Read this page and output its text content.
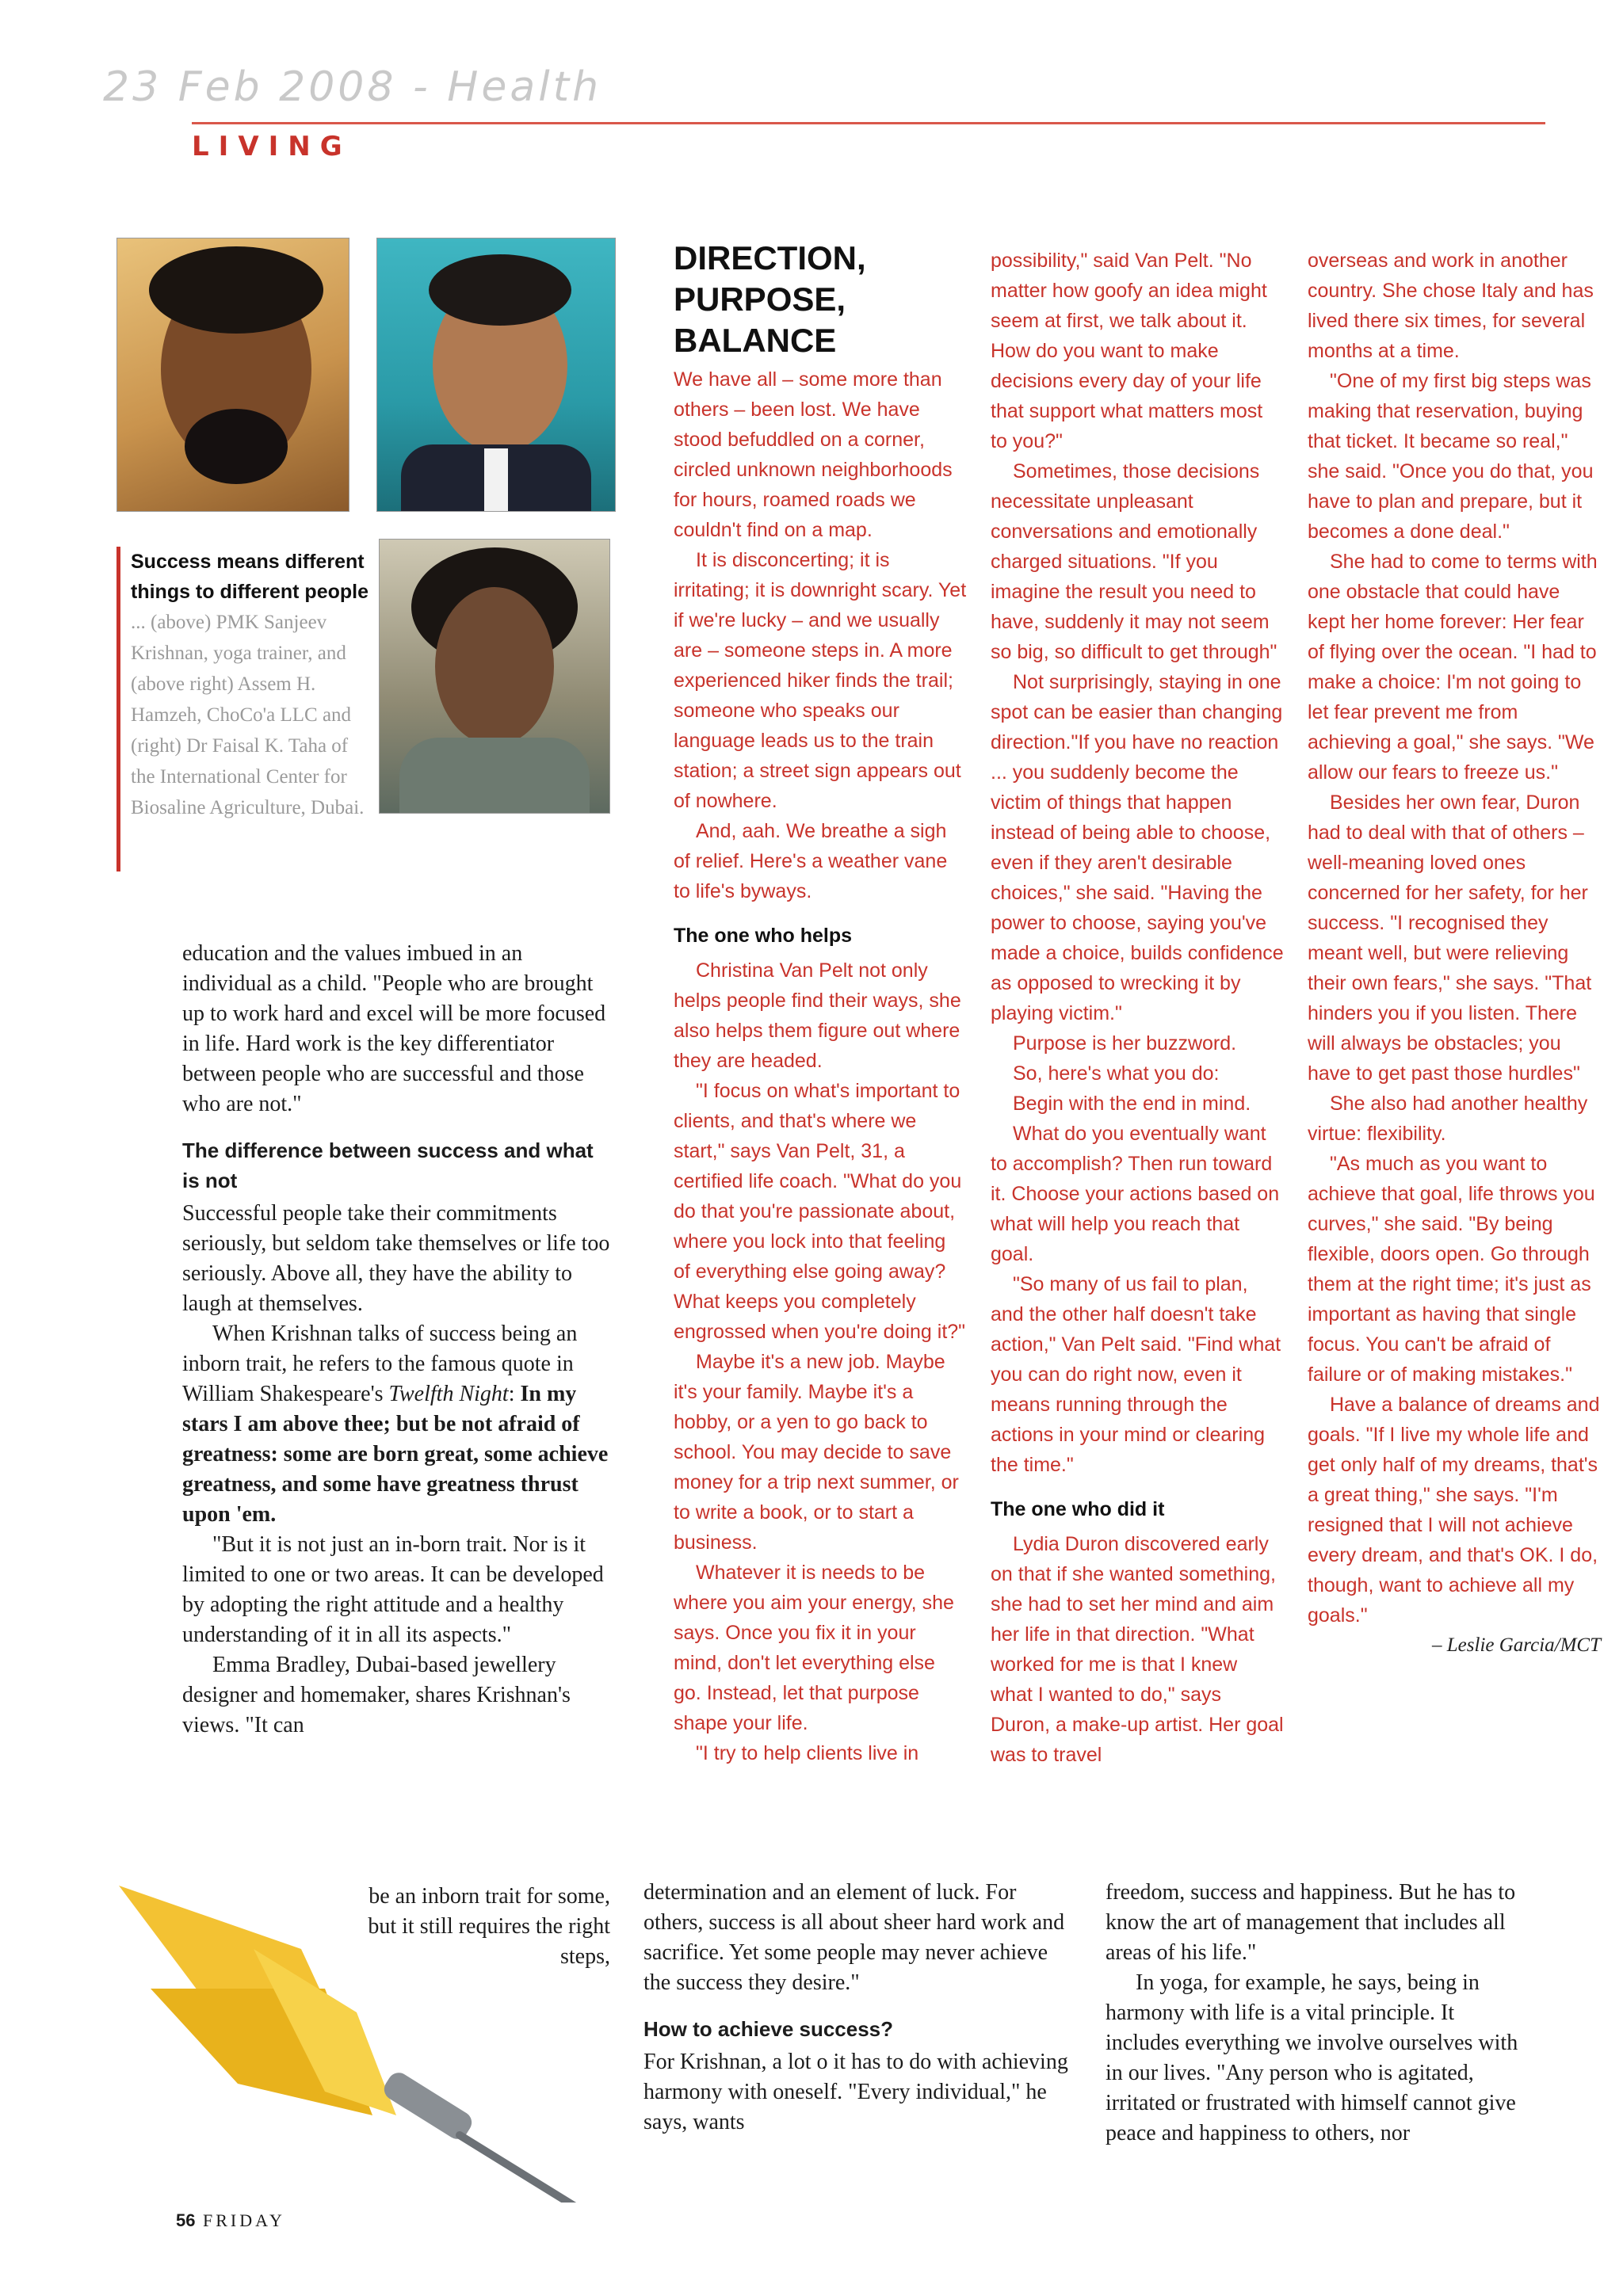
23 Feb 2008 - Health
LIVING
Success means different things to different people ... (above) PMK Sanjeev Krishnan, yoga trainer, and (above right) Assem H. Hamzeh, ChoCo'a LLC and (right) Dr Faisal K. Taha of the International Center for Biosaline Agriculture, Dubai.
DIRECTION, PURPOSE, BALANCE

We have all – some more than others – been lost. We have stood befuddled on a corner, circled unknown neighborhoods for hours, roamed roads we couldn't find on a map.

It is disconcerting; it is irritating; it is downright scary. Yet if we're lucky – and we usually are – someone steps in. A more experienced hiker finds the trail; someone who speaks our language leads us to the train station; a street sign appears out of nowhere.

And, aah. We breathe a sigh of relief. Here's a weather vane to life's byways.

The one who helps

Christina Van Pelt not only helps people find their ways, she also helps them figure out where they are headed.

"I focus on what's important to clients, and that's where we start," says Van Pelt, 31, a certified life coach. "What do you do that you're passionate about, where you lock into that feeling of everything else going away? What keeps you completely engrossed when you're doing it?"

Maybe it's a new job. Maybe it's your family. Maybe it's a hobby, or a yen to go back to school. You may decide to save money for a trip next summer, or to write a book, or to start a business.

Whatever it is needs to be where you aim your energy, she says. Once you fix it in your mind, don't let everything else go. Instead, let that purpose shape your life.

"I try to help clients live in

possibility," said Van Pelt. "No matter how goofy an idea might seem at first, we talk about it. How do you want to make decisions every day of your life that support what matters most to you?"

Sometimes, those decisions necessitate unpleasant conversations and emotionally charged situations. "If you imagine the result you need to have, suddenly it may not seem so big, so difficult to get through"

Not surprisingly, staying in one spot can be easier than changing direction."If you have no reaction ... you suddenly become the victim of things that happen instead of being able to choose, even if they aren't desirable choices," she said. "Having the power to choose, saying you've made a choice, builds confidence as opposed to wrecking it by playing victim."

Purpose is her buzzword.

So, here's what you do:

Begin with the end in mind.

What do you eventually want to accomplish? Then run toward it. Choose your actions based on what will help you reach that goal.

"So many of us fail to plan, and the other half doesn't take action," Van Pelt said. "Find what you can do right now, even it means running through the actions in your mind or clearing the time."

The one who did it

Lydia Duron discovered early on that if she wanted something, she had to set her mind and aim her life in that direction. "What worked for me is that I knew what I wanted to do," says Duron, a make-up artist. Her goal was to travel

overseas and work in another country. She chose Italy and has lived there six times, for several months at a time.

"One of my first big steps was making that reservation, buying that ticket. It became so real," she said. "Once you do that, you have to plan and prepare, but it becomes a done deal."

She had to come to terms with one obstacle that could have kept her home forever: Her fear of flying over the ocean. "I had to make a choice: I'm not going to let fear prevent me from achieving a goal," she says. "We allow our fears to freeze us."

Besides her own fear, Duron had to deal with that of others – well-meaning loved ones concerned for her safety, for her success. "I recognised they meant well, but were relieving their own fears," she says. "That hinders you if you listen. There will always be obstacles; you have to get past those hurdles"

She also had another healthy virtue: flexibility.

"As much as you want to achieve that goal, life throws you curves," she said. "By being flexible, doors open. Go through them at the right time; it's just as important as having that single focus. You can't be afraid of failure or of making mistakes."

Have a balance of dreams and goals. "If I live my whole life and get only half of my dreams, that's a great thing," she says. "I'm resigned that I will not achieve every dream, and that's OK. I do, though, want to achieve all my goals."

– Leslie Garcia/MCT

education and the values imbued in an individual as a child. "People who are brought up to work hard and excel will be more focused in life. Hard work is the key differentiator between people who are successful and those who are not."

The difference between success and what is not

Successful people take their commitments seriously, but seldom take themselves or life too seriously. Above all, they have the ability to laugh at themselves.

When Krishnan talks of success being an inborn trait, he refers to the famous quote in William Shakespeare's Twelfth Night: In my stars I am above thee; but be not afraid of greatness: some are born great, some achieve greatness, and some have greatness thrust upon 'em.

"But it is not just an in-born trait. Nor is it limited to one or two areas. It can be developed by adopting the right attitude and a healthy understanding of it in all its aspects."

Emma Bradley, Dubai-based jewellery designer and homemaker, shares Krishnan's views. "It can

be an inborn trait for some, but it still requires the right steps,

determination and an element of luck. For others, success is all about sheer hard work and sacrifice. Yet some people may never achieve the success they desire."

How to achieve success?

For Krishnan, a lot o it has to do with achieving harmony with oneself. "Every individual," he says, wants

freedom, success and happiness. But he has to know the art of management that includes all areas of his life."

In yoga, for example, he says, being in harmony with life is a vital principle. It includes everything we involve ourselves with in our lives. "Any person who is agitated, irritated or frustrated with himself cannot give peace and happiness to others, nor

56 FRIDAY
